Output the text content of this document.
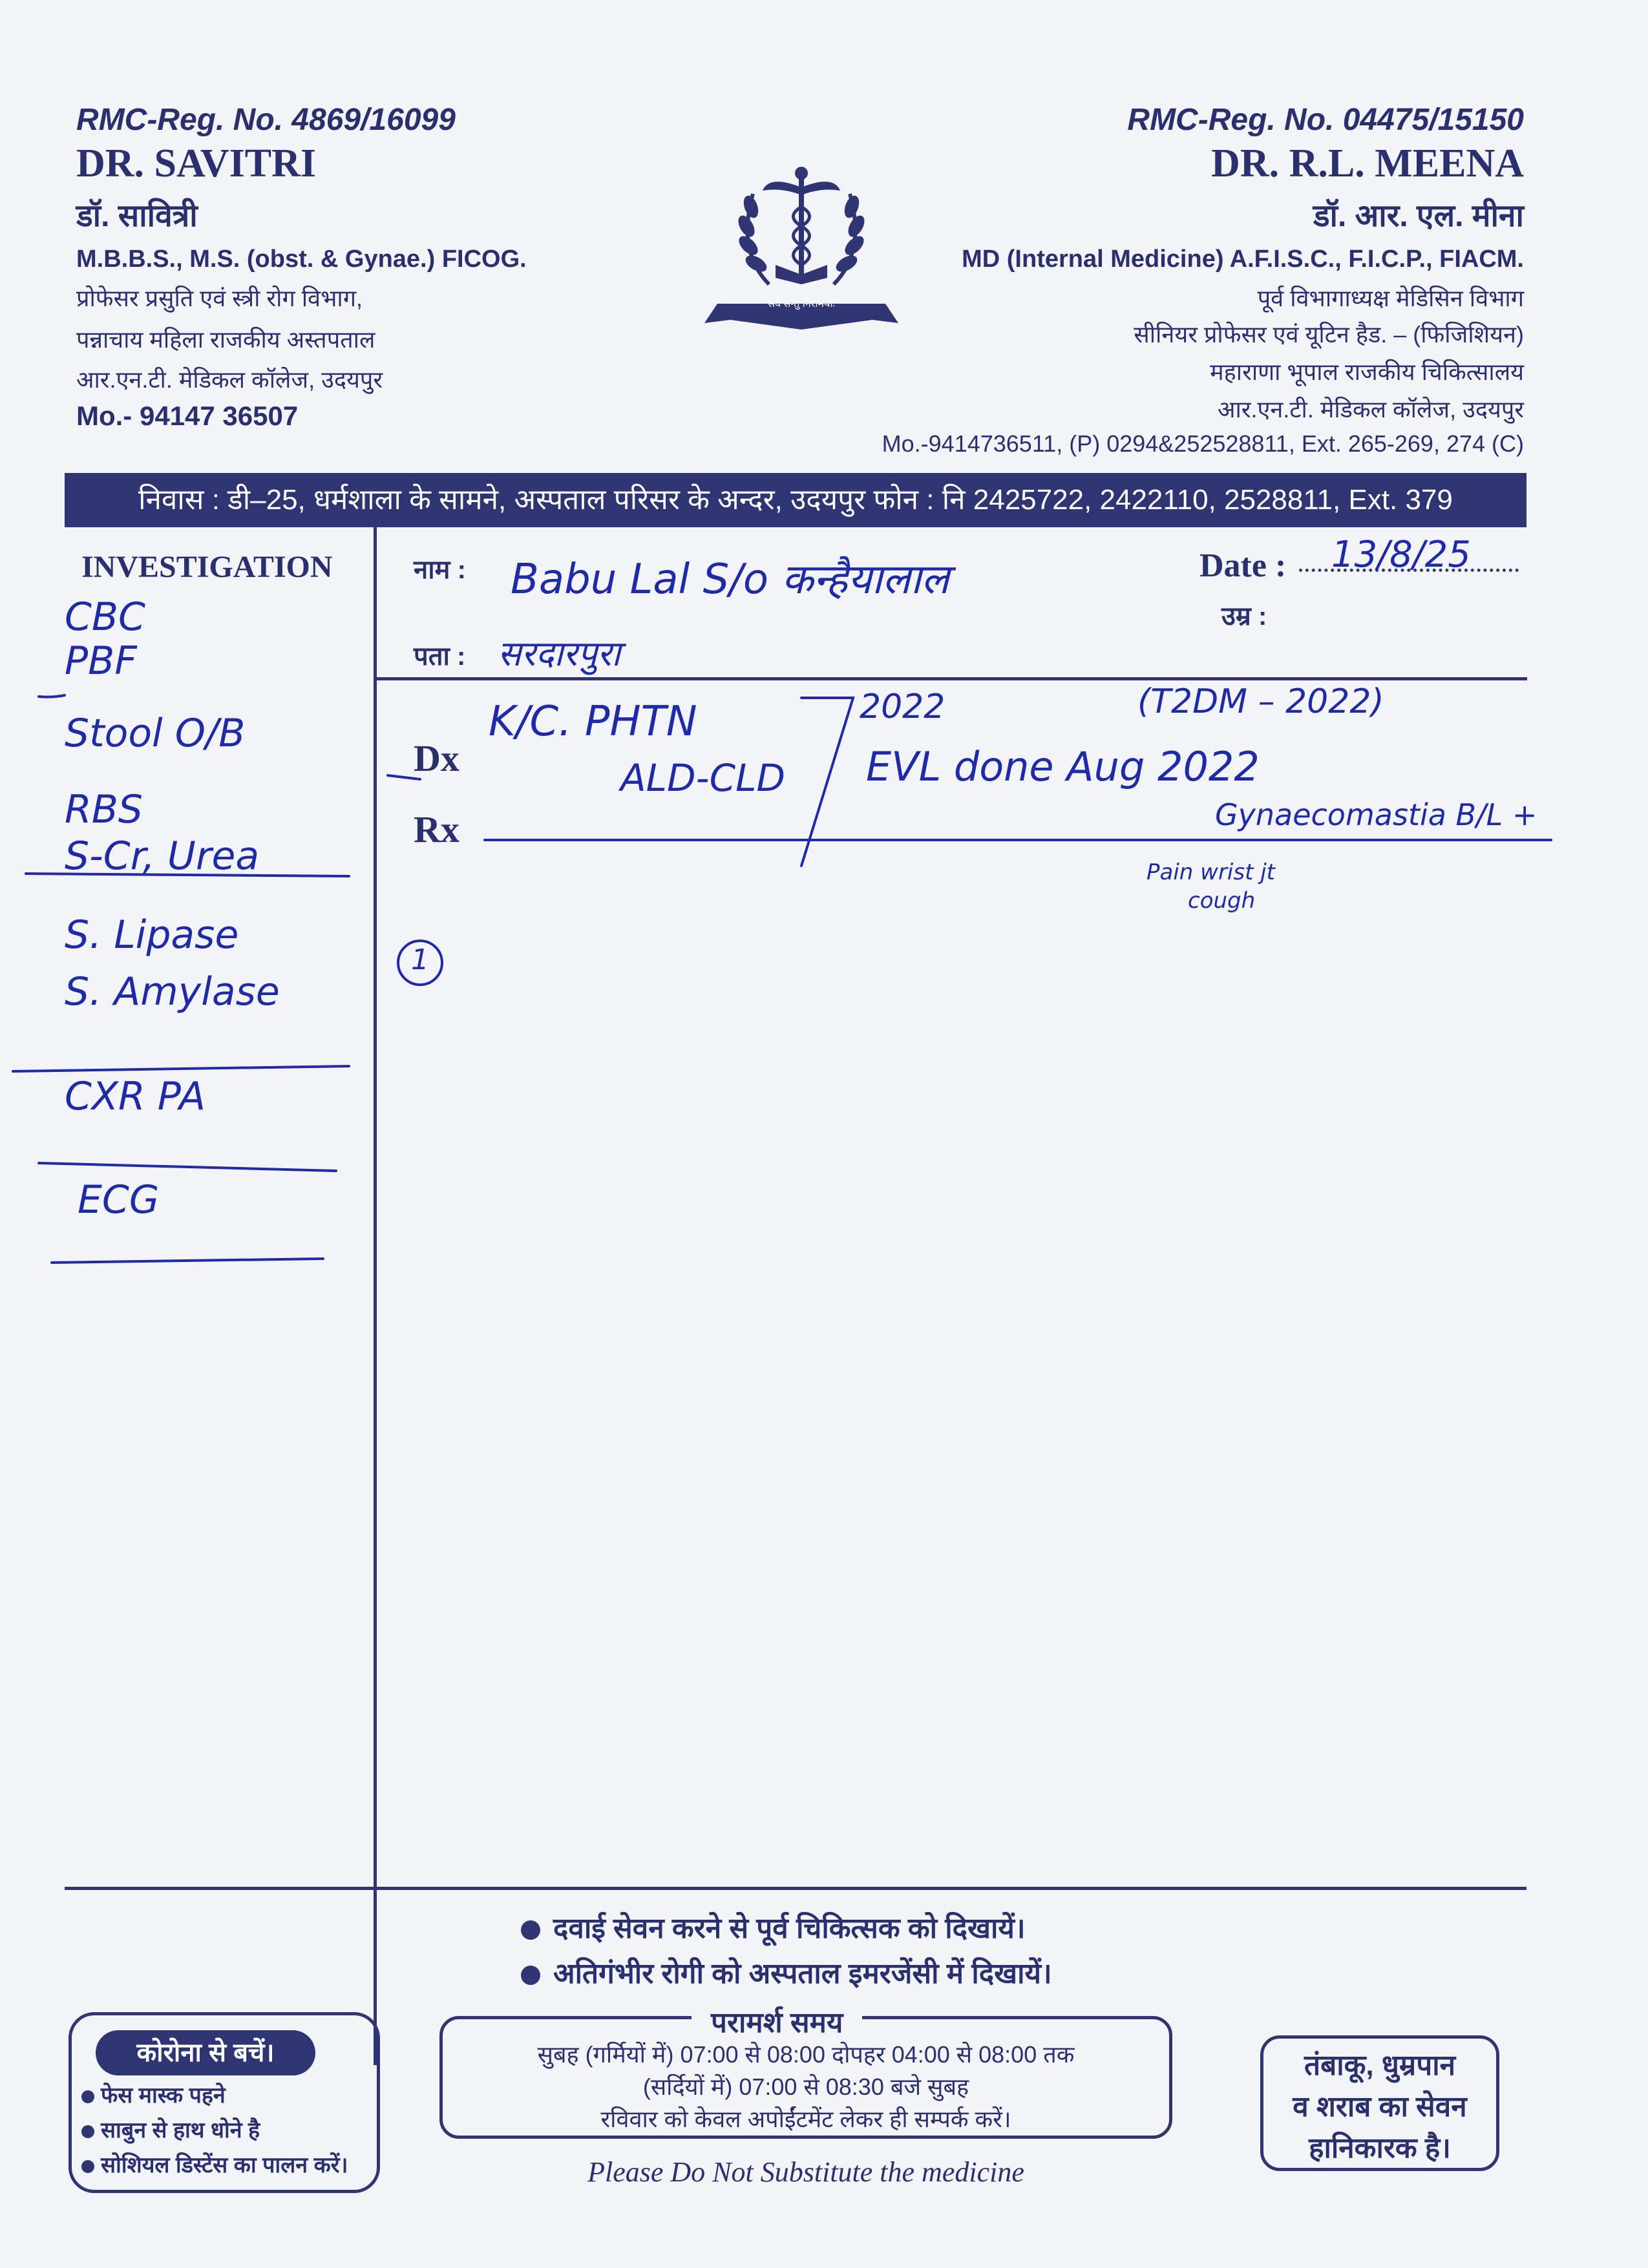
RMC-Reg. No. 4869/16099
DR. SAVITRI
डॉ. सावित्री
M.B.B.S., M.S. (obst. & Gynae.) FICOG.
प्रोफेसर प्रसुति एवं स्त्री रोग विभाग,
पन्नाचाय महिला राजकीय अस्तपताल
आर.एन.टी. मेडिकल कॉलेज, उदयपुर
Mo.- 94147 36507
सर्वे सन्तु निरामयाः
RMC-Reg. No. 04475/15150
DR. R.L. MEENA
डॉ. आर. एल. मीना
MD (Internal Medicine) A.F.I.S.C., F.I.C.P., FIACM.
पूर्व विभागाध्यक्ष मेडिसिन विभाग
सीनियर प्रोफेसर एवं यूटिन हैड. – (फिजिशियन)
महाराणा भूपाल राजकीय चिकित्सालय
आर.एन.टी. मेडिकल कॉलेज, उदयपुर
Mo.-9414736511, (P) 0294&252528811, Ext. 265-269, 274 (C)
निवास : डी–25, धर्मशाला के सामने, अस्पताल परिसर के अन्दर, उदयपुर फोन : नि 2425722, 2422110, 2528811, Ext. 379
INVESTIGATION
CBC
PBF
Stool O/B
RBS
S-Cr, Urea
S. Lipase
S. Amylase
CXR PA
ECG
नाम : Babu Lal S/o कन्हैयालाल	Date : 13/8/25
उम्र :
पता : सरदारपुरा
Dx
Rx
K/C. PHTN
ALD-CLD
2022	(T2DM – 2022)
EVL done Aug 2022
Gynaecomastia B/L +
Pain wrist jt
cough
1
दवाई सेवन करने से पूर्व चिकित्सक को दिखायें।
अतिगंभीर रोगी को अस्पताल इमरजेंसी में दिखायें।
कोरोना से बचें।
फेस मास्क पहने
साबुन से हाथ धोने है
सोशियल डिस्टेंस का पालन करें।
परामर्श समय
सुबह (गर्मियों में) 07:00 से 08:00 दोपहर 04:00 से 08:00 तक
(सर्दियों में) 07:00 से 08:30 बजे सुबह
रविवार को केवल अपोईंटमेंट लेकर ही सम्पर्क करें।
Please Do Not Substitute the medicine
तंबाकू, धुम्रपान
व शराब का सेवन
हानिकारक है।
